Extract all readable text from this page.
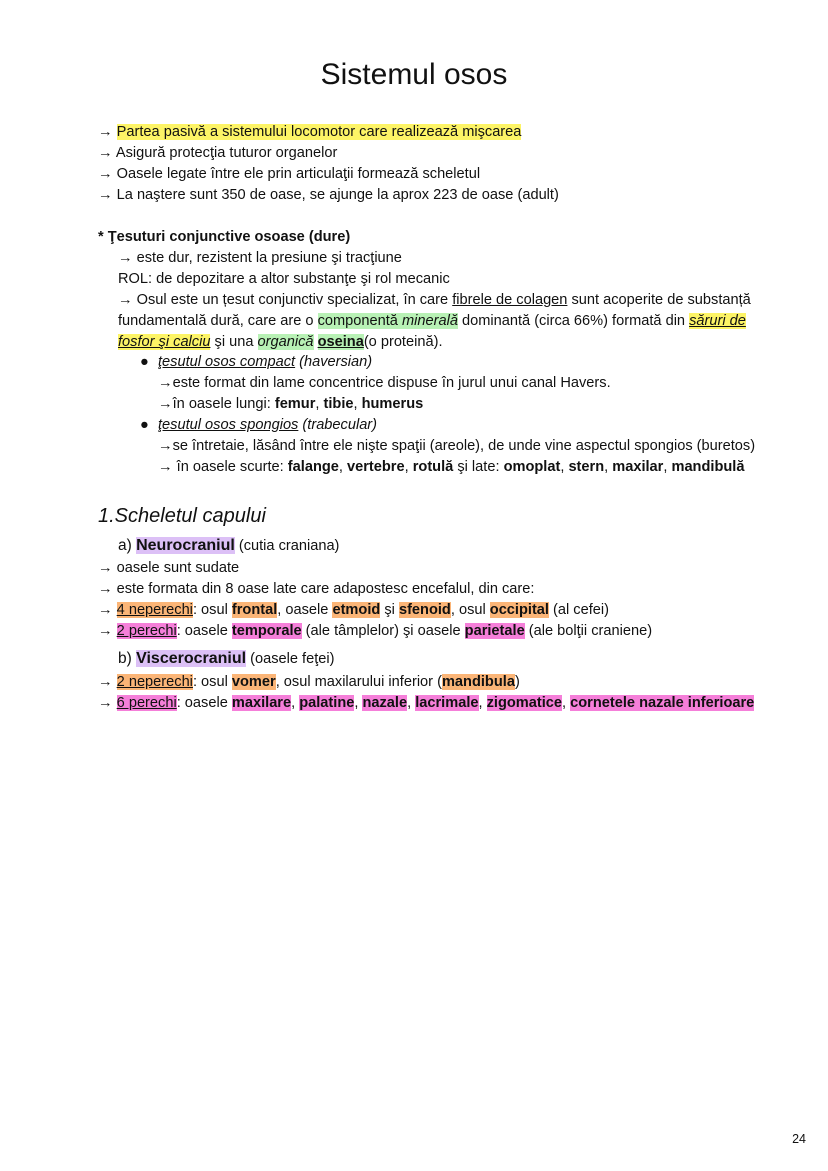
Sistemul osos
→ Partea pasivă a sistemului locomotor care realizează mişcarea
→ Asigură protecţia tuturor organelor
→ Oasele legate între ele prin articulaţii formează scheletul
→ La naştere sunt 350 de oase, se ajunge la aprox 223 de oase (adult)
* Ţesuturi conjunctive osoase (dure)
→ este dur, rezistent la presiune şi tracţiune
ROL: de depozitare a altor substanţe şi rol mecanic
→ Osul este un țesut conjunctiv specializat, în care fibrele de colagen sunt acoperite de substanță
fundamentală dură, care are o componentă minerală dominantă (circa 66%) formată din săruri de
fosfor şi calciu şi una organică oseina(o proteină).
● ţesutul osos compact (haversian)
→este format din lame concentrice dispuse în jurul unui canal Havers.
→în oasele lungi: femur, tibie, humerus
● ţesutul osos spongios (trabecular)
→se întretaie, lăsând între ele nişte spaţii (areole), de unde vine aspectul spongios (buretos)
→ în oasele scurte: falange, vertebre, rotulă şi late: omoplat, stern, maxilar, mandibulă
1.Scheletul capului
a) Neurocraniul (cutia craniana)
→ oasele sunt sudate
→ este formata din 8 oase late care adapostesc encefalul, din care:
→ 4 neperechi: osul frontal, oasele etmoid şi sfenoid, osul occipital (al cefei)
→ 2 perechi: oasele temporale (ale tâmplelor) şi oasele parietale (ale bolţii craniene)
b) Viscerocraniul (oasele feţei)
→ 2 neperechi: osul vomer, osul maxilarului inferior (mandibula)
→ 6 perechi: oasele maxilare, palatine, nazale, lacrimale, zigomatice, cornetele nazale inferioare
24
